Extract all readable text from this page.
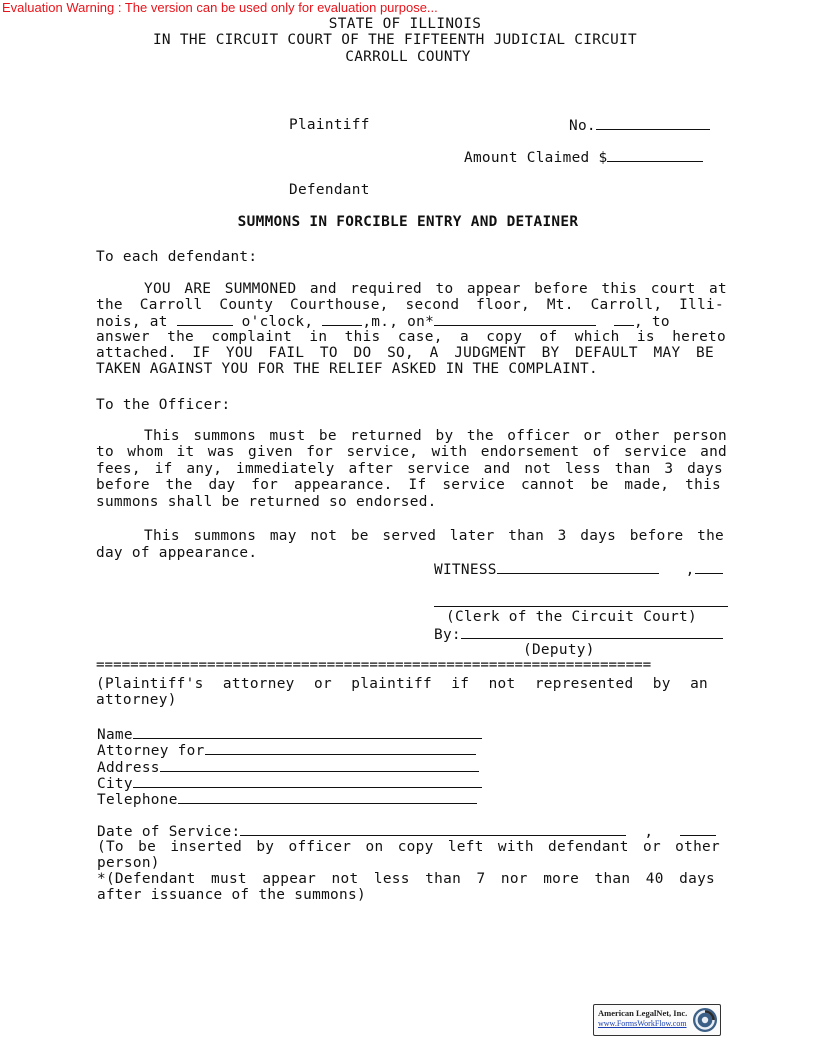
Evaluation Warning : The version can be used only for evaluation purpose...
STATE OF ILLINOIS
IN THE CIRCUIT COURT OF THE FIFTEENTH JUDICIAL CIRCUIT
CARROLL COUNTY
Plaintiff	No.
Amount Claimed $
Defendant
SUMMONS IN FORCIBLE ENTRY AND DETAINER
To each defendant:
YOU ARE SUMMONED and required to appear before this court at
the Carroll County Courthouse, second floor, Mt. Carroll, Illi-
nois, at	o'clock,	,m., on*	, to
answer the complaint in this case, a copy of which is hereto
attached. IF YOU FAIL TO DO SO, A JUDGMENT BY DEFAULT MAY BE
TAKEN AGAINST YOU FOR THE RELIEF ASKED IN THE COMPLAINT.
To the Officer:
This summons must be returned by the officer or other person
to whom it was given for service, with endorsement of service and
fees, if any, immediately after service and not less than 3 days
before the day for appearance. If service cannot be made, this
summons shall be returned so endorsed.
This summons may not be served later than 3 days before the
day of appearance.
WITNESS	,
(Clerk of the Circuit Court)
By:
(Deputy)
=================================================================
(Plaintiff's attorney or plaintiff if not represented by an
attorney)
Name
Attorney for
Address
City
Telephone
Date of Service:	,
(To be inserted by officer on copy left with defendant or other
person)
*(Defendant must appear not less than 7 nor more than 40 days
after issuance of the summons)
American LegalNet, Inc.
www.FormsWorkFlow.com
